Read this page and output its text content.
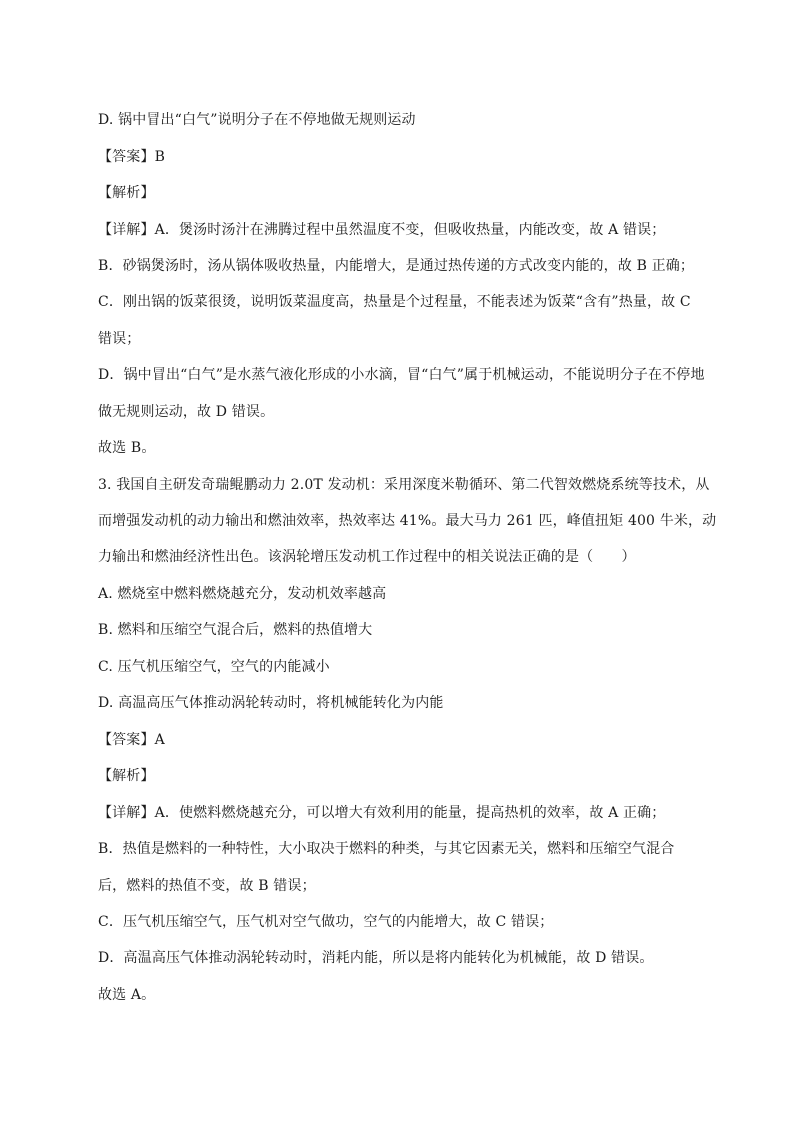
D. 锅中冒出“白气”说明分子在不停地做无规则运动
【答案】B
【解析】
【详解】A．煲汤时汤汁在沸腾过程中虽然温度不变，但吸收热量，内能改变，故 A 错误；
B．砂锅煲汤时，汤从锅体吸收热量，内能增大，是通过热传递的方式改变内能的，故 B 正确；
C．刚出锅的饭菜很烫，说明饭菜温度高，热量是个过程量，不能表述为饭菜“含有”热量，故 C
错误；
D．锅中冒出“白气”是水蒸气液化形成的小水滴，冒“白气”属于机械运动，不能说明分子在不停地
做无规则运动，故 D 错误。
故选 B。
3. 我国自主研发奇瑞鲲鹏动力 2.0T 发动机：采用深度米勒循环、第二代智效燃烧系统等技术，从
而增强发动机的动力输出和燃油效率，热效率达 41%。最大马力 261 匹，峰值扭矩 400 牛米，动
力输出和燃油经济性出色。该涡轮增压发动机工作过程中的相关说法正确的是（　　）
A. 燃烧室中燃料燃烧越充分，发动机效率越高
B. 燃料和压缩空气混合后，燃料的热值增大
C. 压气机压缩空气，空气的内能减小
D. 高温高压气体推动涡轮转动时，将机械能转化为内能
【答案】A
【解析】
【详解】A．使燃料燃烧越充分，可以增大有效利用的能量，提高热机的效率，故 A 正确；
B．热值是燃料的一种特性，大小取决于燃料的种类，与其它因素无关，燃料和压缩空气混合
后，燃料的热值不变，故 B 错误；
C．压气机压缩空气，压气机对空气做功，空气的内能增大，故 C 错误；
D．高温高压气体推动涡轮转动时，消耗内能，所以是将内能转化为机械能，故 D 错误。
故选 A。
